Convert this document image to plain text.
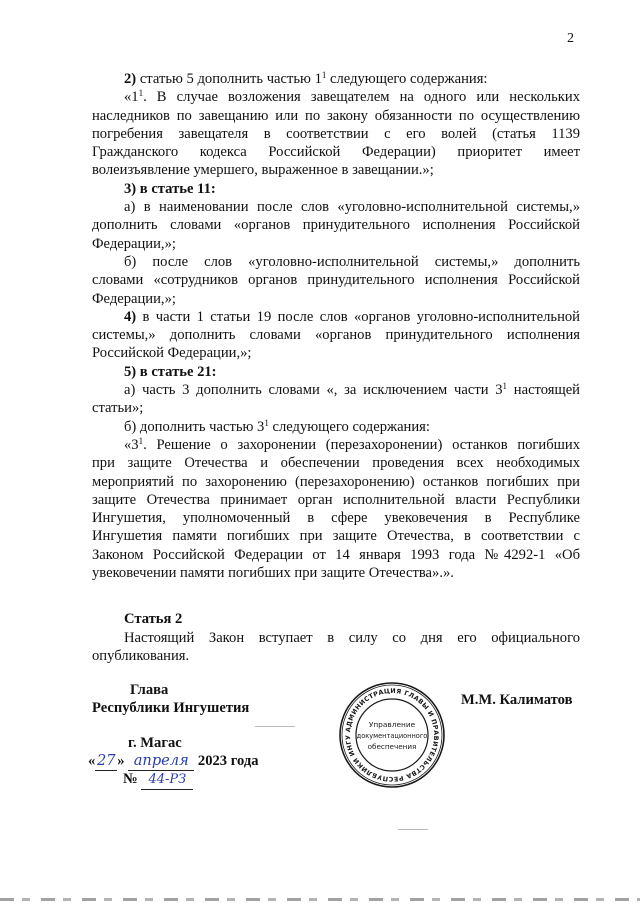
2

2) статью 5 дополнить частью $1^1$ следующего содержания:

«$1^1$. В случае возложения завещателем на одного или нескольких

наследников по завещанию или по закону обязанности по осуществлению

погребения завещателя в соответствии с его волей (статья 1139

Гражданского кодекса Российской Федерации) приоритет имеет

волеизъявление умершего, выраженное в завещании.»;

3) в статье 11:

а) в наименовании после слов «уголовно-исполнительной системы,»

дополнить словами «органов принудительного исполнения Российской

Федерации,»;

б) после слов «уголовно-исполнительной системы,» дополнить

словами «сотрудников органов принудительного исполнения Российской

Федерации,»;

4) в части 1 статьи 19 после слов «органов уголовно-исполнительной

системы,» дополнить словами «органов принудительного исполнения

Российской Федерации,»;

5) в статье 21:

а) часть 3 дополнить словами «, за исключением части $3^1$ настоящей

статьи»;

б) дополнить частью $3^1$ следующего содержания:

«$3^1$. Решение о захоронении (перезахоронении) останков погибших

при защите Отечества и обеспечении проведения всех необходимых

мероприятий по захоронению (перезахоронению) останков погибших при

защите Отечества принимает орган исполнительной власти Республики

Ингушетия, уполномоченный в сфере увековечения в Республике

Ингушетия памяти погибших при защите Отечества, в соответствии с

Законом Российской Федерации от 14 января 1993 года №4292-1 «Об

увековечении памяти погибших при защите Отечества».».

Статья 2

Настоящий Закон вступает в силу со дня его официального

опубликования.

Глава
Республики Ингушетия	М.М. Калиматов
г. Магас
« 27 » апреля 2023 года
№ 44-РЗ
АДМИНИСТРАЦИЯ ГЛАВЫ И ПРАВИТЕЛЬСТВА РЕСПУБЛИКИ ИНГУ
Управление
документационного
обеспечения
